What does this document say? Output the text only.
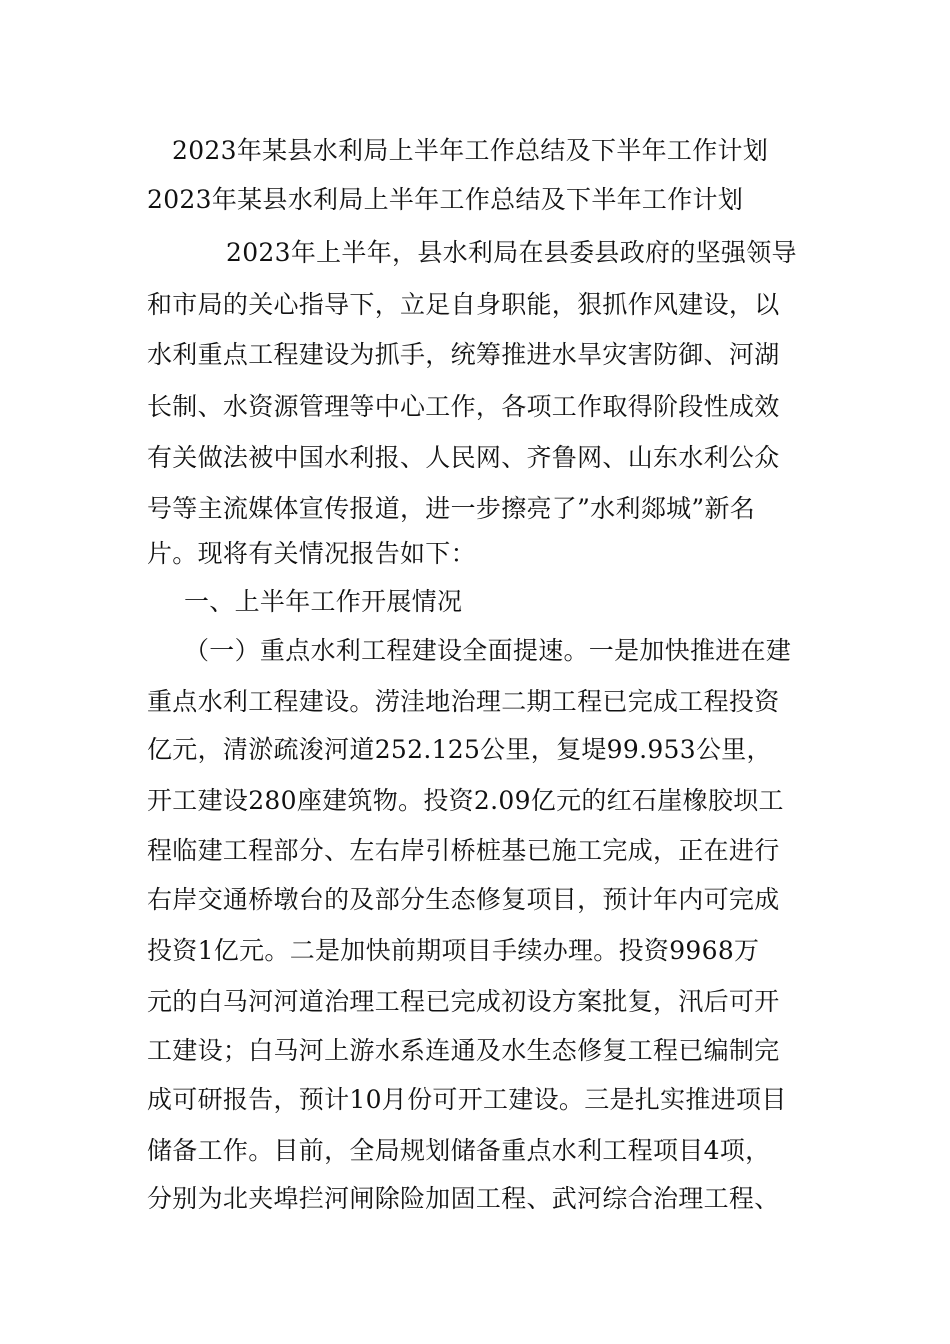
2023年某县水利局上半年工作总结及下半年工作计划
2023年某县水利局上半年工作总结及下半年工作计划
2023年上半年，县水利局在县委县政府的坚强领导
和市局的关心指导下，立足自身职能，狠抓作风建设，以
水利重点工程建设为抓手，统筹推进水旱灾害防御、河湖
长制、水资源管理等中心工作，各项工作取得阶段性成效
有关做法被中国水利报、人民网、齐鲁网、山东水利公众
号等主流媒体宣传报道，进一步擦亮了”水利郯城”新名
片。现将有关情况报告如下：
一、上半年工作开展情况
（一）重点水利工程建设全面提速。一是加快推进在建
重点水利工程建设。涝洼地治理二期工程已完成工程投资
亿元，清淤疏浚河道252.125公里，复堤99.953公里，
开工建设280座建筑物。投资2.09亿元的红石崖橡胶坝工
程临建工程部分、左右岸引桥桩基已施工完成，正在进行
右岸交通桥墩台的及部分生态修复项目，预计年内可完成
投资1亿元。二是加快前期项目手续办理。投资9968万
元的白马河河道治理工程已完成初设方案批复，汛后可开
工建设；白马河上游水系连通及水生态修复工程已编制完
成可研报告，预计10月份可开工建设。三是扎实推进项目
储备工作。目前，全局规划储备重点水利工程项目4项，
分别为北夹埠拦河闸除险加固工程、武河综合治理工程、
